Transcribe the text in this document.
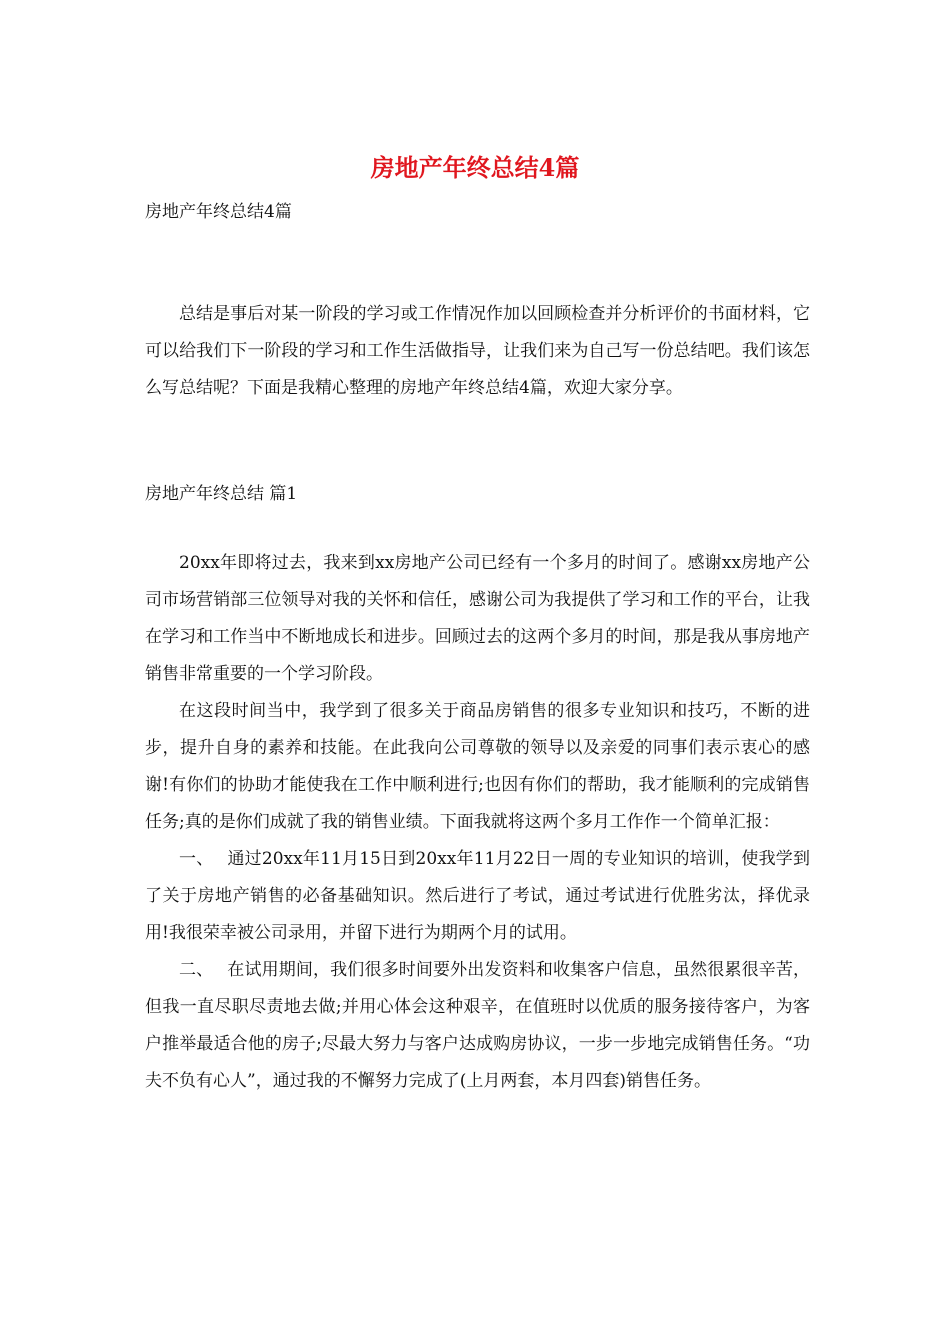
房地产年终总结4篇
房地产年终总结4篇

总结是事后对某一阶段的学习或工作情况作加以回顾检查并分析评价的书面材料，它可以给我们下一阶段的学习和工作生活做指导，让我们来为自己写一份总结吧。我们该怎么写总结呢？下面是我精心整理的房地产年终总结4篇，欢迎大家分享。

房地产年终总结 篇1

20xx年即将过去，我来到xx房地产公司已经有一个多月的时间了。感谢xx房地产公司市场营销部三位领导对我的关怀和信任，感谢公司为我提供了学习和工作的平台，让我在学习和工作当中不断地成长和进步。回顾过去的这两个多月的时间，那是我从事房地产销售非常重要的一个学习阶段。

在这段时间当中，我学到了很多关于商品房销售的很多专业知识和技巧，不断的进步，提升自身的素养和技能。在此我向公司尊敬的领导以及亲爱的同事们表示衷心的感谢!有你们的协助才能使我在工作中顺利进行;也因有你们的帮助，我才能顺利的完成销售任务;真的是你们成就了我的销售业绩。下面我就将这两个多月工作作一个简单汇报：

一、 通过20xx年11月15日到20xx年11月22日一周的专业知识的培训，使我学到了关于房地产销售的必备基础知识。然后进行了考试，通过考试进行优胜劣汰，择优录用!我很荣幸被公司录用，并留下进行为期两个月的试用。

二、 在试用期间，我们很多时间要外出发资料和收集客户信息，虽然很累很辛苦，但我一直尽职尽责地去做;并用心体会这种艰辛，在值班时以优质的服务接待客户，为客户推举最适合他的房子;尽最大努力与客户达成购房协议，一步一步地完成销售任务。“功夫不负有心人”，通过我的不懈努力完成了(上月两套，本月四套)销售任务。
